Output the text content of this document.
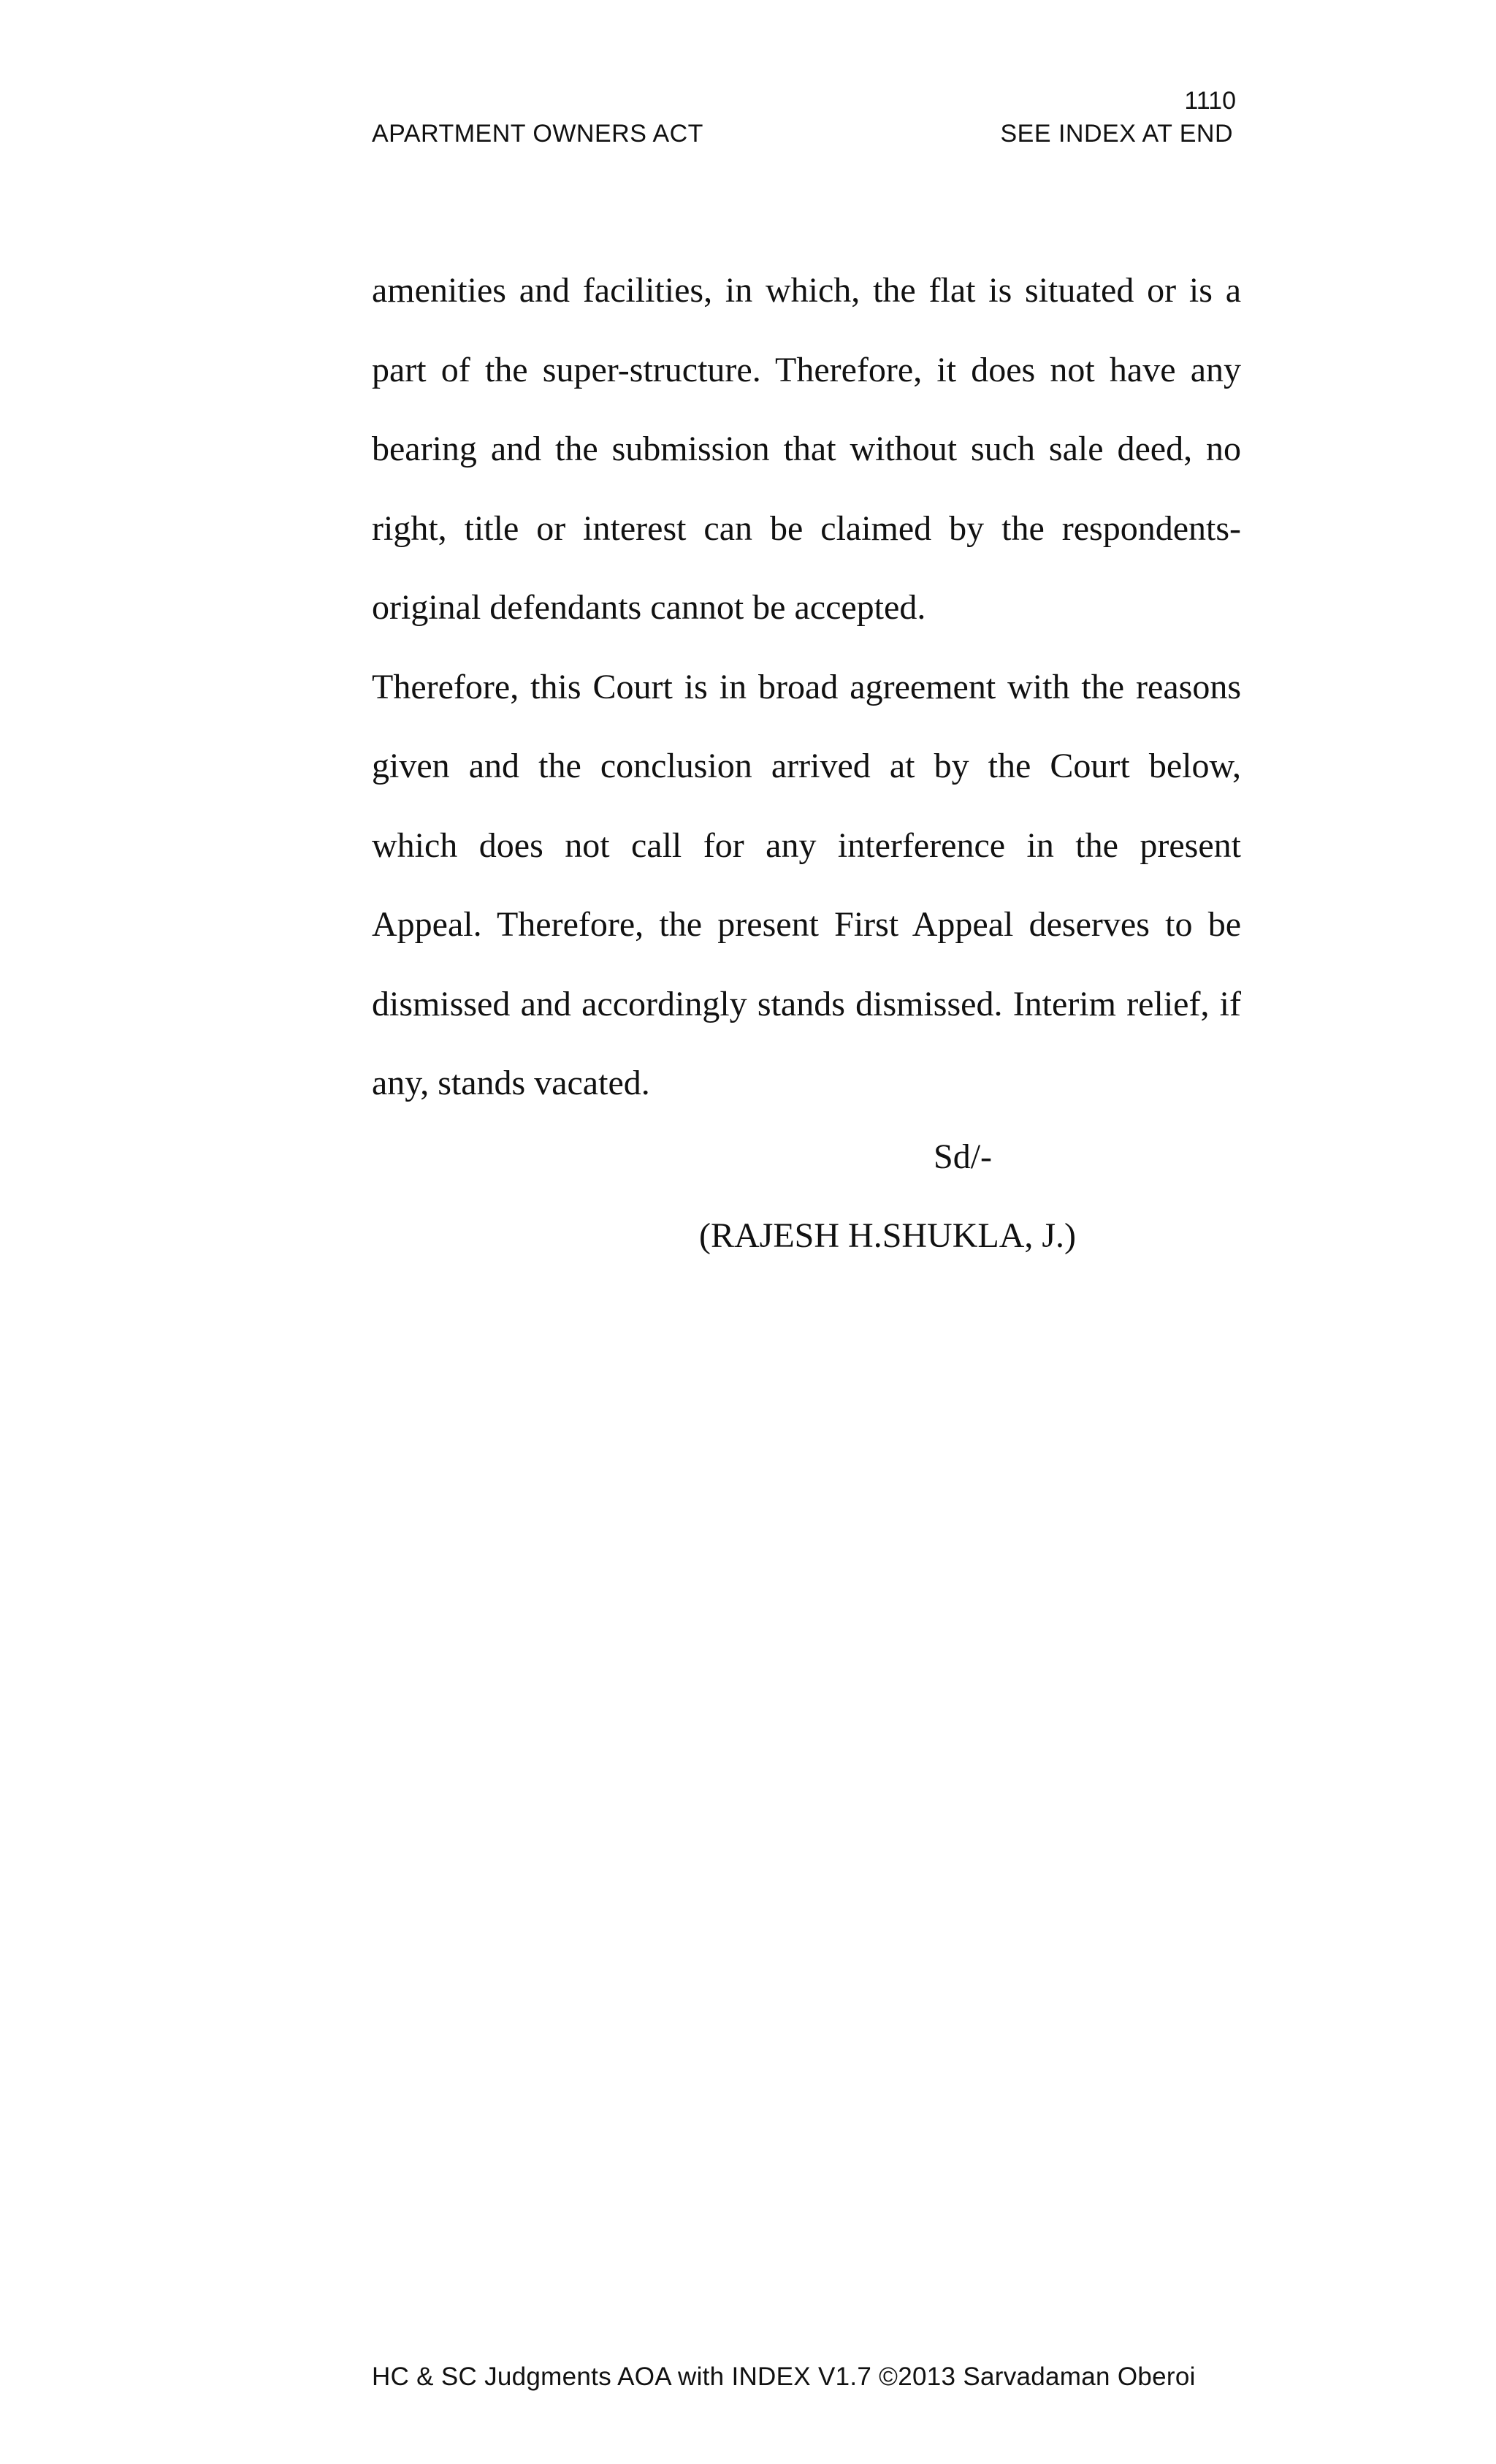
1110
APARTMENT OWNERS ACT	SEE INDEX AT END

amenities and facilities, in which, the flat is situated or is a part of the super-structure. Therefore, it does not have any bearing and the submission that without such sale deed, no right, title or interest can be claimed by the respondents-original defendants cannot be accepted.

Therefore, this Court is in broad agreement with the reasons given and the conclusion arrived at by the Court below, which does not call for any interference in the present Appeal. Therefore, the present First Appeal deserves to be dismissed and accordingly stands dismissed. Interim relief, if any, stands vacated.

Sd/-
(RAJESH H.SHUKLA, J.)
HC & SC Judgments AOA with INDEX V1.7 ©2013 Sarvadaman Oberoi
